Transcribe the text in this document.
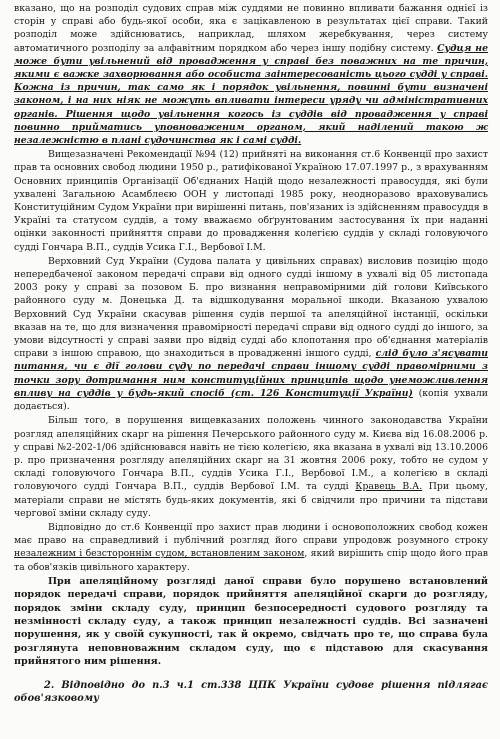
вказано, що на розподіл судових справ між суддями не повинно впливати бажання однієї із сторін у справі або будь-якої особи, яка є зацікавленою в результатах цієї справи. Такий розподіл може здійснюватись, наприклад, шляхом жеребкування, через систему автоматичного розподілу за алфавітним порядком або через іншу подібну систему. Судця не може бути увільнений від провадження у справі без поважних на те причин, якими є важке захворювання або особиста заінтересованість цього судді у справі. Кожна із причин, так само як і порядок увільнення, повинні бути визначені законом, і на них ніяк не можуть впливати інтереси уряду чи адміністративних органів. Рішення щодо увільнення когось із суддів від провадження у справі повинно прийматись уповноваженим органом, який наділений такою ж незалежністю в плані судочинства як і самі судді.

Вищезазначені Рекомендації №94 (12) прийняті на виконання ст.6 Конвенції про захист прав та основних свобод людини 1950 р., ратифікованої Україною 17.07.1997 р., з врахуванням Основних принципів Організації Об'єднаних Націй щодо незалежності правосуддя, які були ухвалені Загальною Асамблеєю ООН у листопаді 1985 року, неодноразово враховувались Конституційним Судом України при вирішенні питань, пов'язаних із здійсненням правосуддя в Україні та статусом суддів, а тому вважаємо обґрунтованим застосування їх при наданні оцінки законності прийняття справи до провадження колегією суддів у складі головуючого судді Гончара В.П., суддів Усика Г.І., Вербової І.М.

Верховний Суд України (Судова палата у цивільних справах) висловив позицію щодо непередбаченої законом передачі справи від одного судді іншому в ухвалі від 05 листопада 2003 року у справі за позовом Б. про визнання неправомірними дій голови Київського районного суду м. Донецька Д. та відшкодування моральної шкоди. Вказаною ухвалою Верховний Суд України скасував рішення судів першої та апеляційної інстанції, оскільки вказав на те, що для визначення правомірності передачі справи від одного судді до іншого, за умови відсутності у справі заяви про відвід судді або клопотання про об'єднання матеріалів справи з іншою справою, що знаходиться в провадженні іншого судді, слід було з'ясувати питання, чи є дії голови суду по передачі справи іншому судді правомірними з точки зору дотримання ним конституційних принципів щодо унеможливлення впливу на суддів у будь-який спосіб (ст. 126 Конституції України) (копія ухвали додається).

Більш того, в порушення вищевказаних положень чинного законодавства України розгляд апеляційних скарг на рішення Печерського районного суду м. Києва від 16.08.2006 р. у справі №2-202-1/06 здійснювався навіть не тією колегією, яка вказана в ухвалі від 13.10.2006 р. про призначення розгляду апеляційних скарг на 31 жовтня 2006 року, тобто не судом у складі головуючого Гончара В.П., суддів Усика Г.І., Вербової І.М., а колегією в складі головуючого судді Гончара В.П., суддів Вербової І.М. та судді Кравець В.А. При цьому, матеріали справи не містять будь-яких документів, які б свідчили про причини та підстави чергової зміни складу суду.

Відповідно до ст.6 Конвенції про захист прав людини і основоположних свобод кожен має право на справедливий і публічний розгляд його справи упродовж розумного строку незалежним і безстороннім судом, встановленим законом, який вирішить спір щодо його прав та обов'язків цивільного характеру.

При апеляційному розгляді даної справи було порушено встановлений порядок передачі справи, порядок прийняття апеляційної скарги до розгляду, порядок зміни складу суду, принцип безпосередності судового розгляду та незмінності складу суду, а також принцип незалежності суддів. Всі зазначені порушення, як у своїй сукупності, так й окремо, свідчать про те, що справа була розглянута неповноважним складом суду, що є підставою для скасування прийнятого ним рішення.

2. Відповідно до п.3 ч.1 ст.338 ЦПК України судове рішення підлягає обов'язковому
